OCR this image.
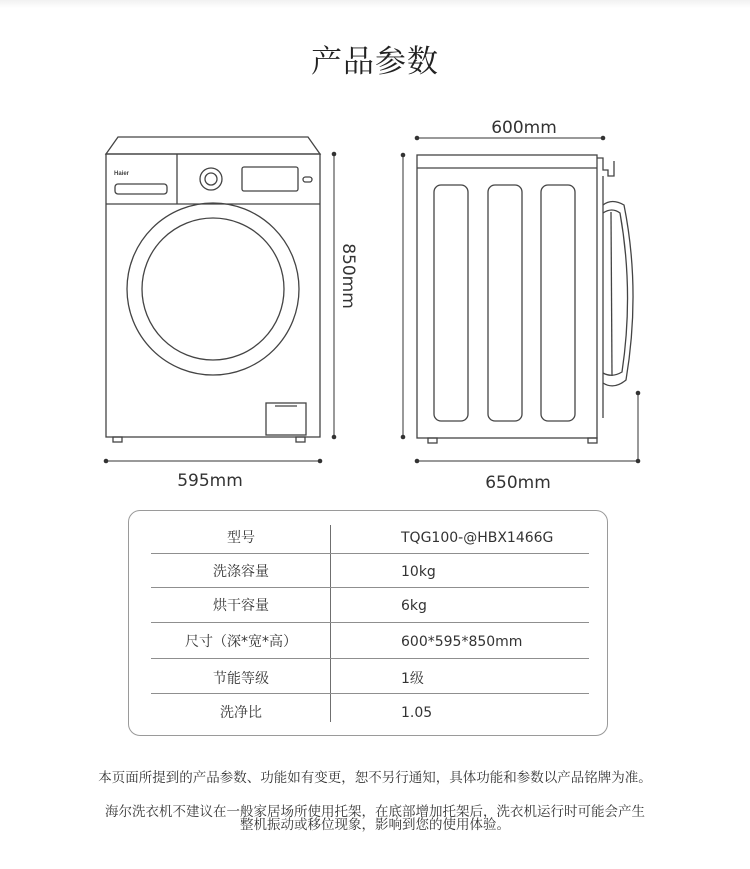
产品参数
Haier
595mm	650mm
600mm
850mm
型号	TQG100-@HBX1466G
洗涤容量	10kg
烘干容量	6kg
尺寸（深*宽*高）	600*595*850mm
节能等级	1级
洗净比	1.05
本页面所提到的产品参数、功能如有变更，恕不另行通知，具体功能和参数以产品铭牌为准。
海尔洗衣机不建议在一般家居场所使用托架，在底部增加托架后，洗衣机运行时可能会产生
整机振动或移位现象，影响到您的使用体验。
